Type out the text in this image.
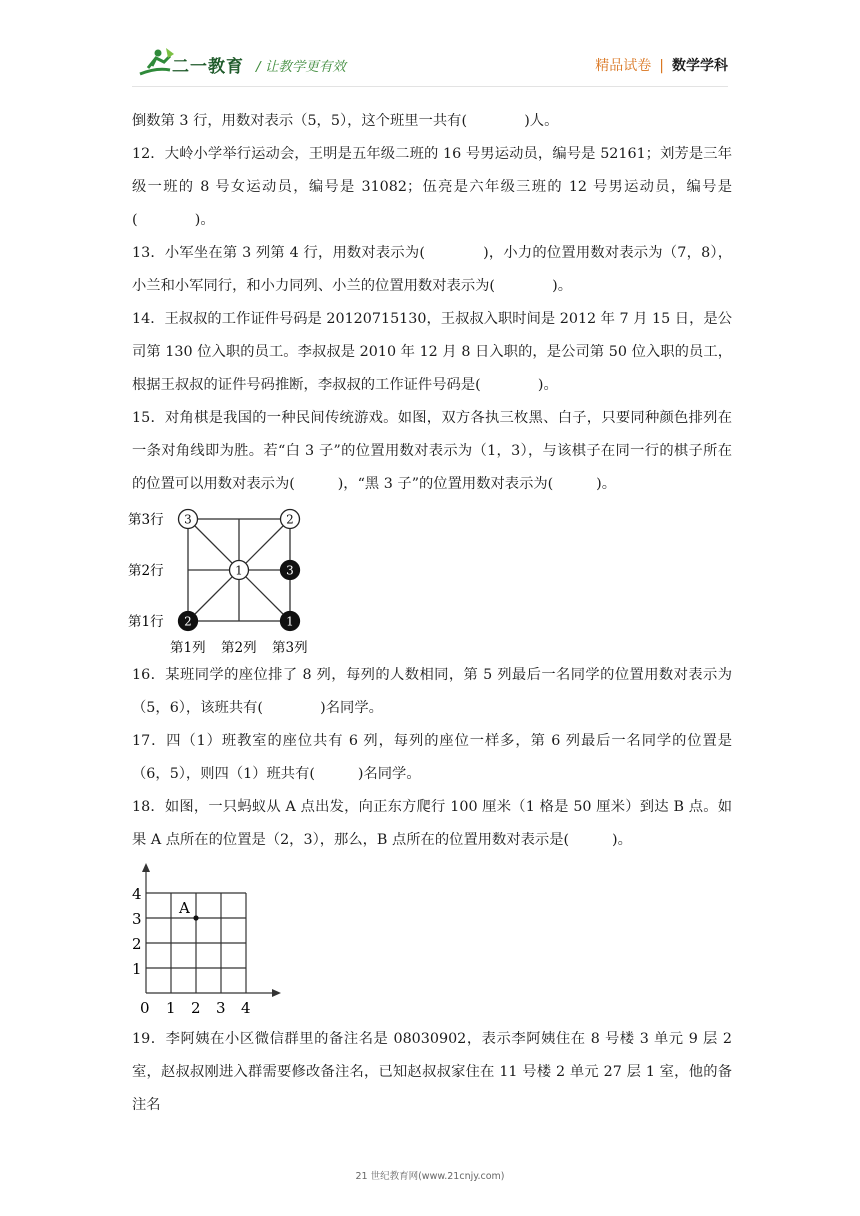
二一教育 / 让教学更有效	精品试卷 | 数学学科

倒数第 3 行，用数对表示（5，5），这个班里一共有(　　　　)人。

12．大岭小学举行运动会，王明是五年级二班的 16 号男运动员，编号是 52161；刘芳是三年级一班的 8 号女运动员，编号是 31082；伍亮是六年级三班的 12 号男运动员，编号是(　　　　)。

13．小军坐在第 3 列第 4 行，用数对表示为(　　　　)，小力的位置用数对表示为（7，8），小兰和小军同行，和小力同列、小兰的位置用数对表示为(　　　　)。

14．王叔叔的工作证件号码是 20120715130，王叔叔入职时间是 2012 年 7 月 15 日，是公司第 130 位入职的员工。李叔叔是 2010 年 12 月 8 日入职的，是公司第 50 位入职的员工，根据王叔叔的证件号码推断，李叔叔的工作证件号码是(　　　　)。

15．对角棋是我国的一种民间传统游戏。如图，双方各执三枚黑、白子，只要同种颜色排列在一条对角线即为胜。若“白 3 子”的位置用数对表示为（1，3），与该棋子在同一行的棋子所在的位置可以用数对表示为(　　　)，“黑 3 子”的位置用数对表示为(　　　)。

第3行
第2行
第1行
第1列 第2列 第3列
3	2
1	3
2	1

16．某班同学的座位排了 8 列，每列的人数相同，第 5 列最后一名同学的位置用数对表示为（5，6），该班共有(　　　　)名同学。

17．四（1）班教室的座位共有 6 列，每列的座位一样多，第 6 列最后一名同学的位置是（6，5），则四（1）班共有(　　　)名同学。

18．如图，一只蚂蚁从 A 点出发，向正东方爬行 100 厘米（1 格是 50 厘米）到达 B 点。如果 A 点所在的位置是（2，3），那么，B 点所在的位置用数对表示是(　　　)。

4
3
2
1
0 1 2 3 4
A

19．李阿姨在小区微信群里的备注名是 08030902，表示李阿姨住在 8 号楼 3 单元 9 层 2 室，赵叔叔刚进入群需要修改备注名，已知赵叔叔家住在 11 号楼 2 单元 27 层 1 室，他的备注名

21 世纪教育网(www.21cnjy.com)
